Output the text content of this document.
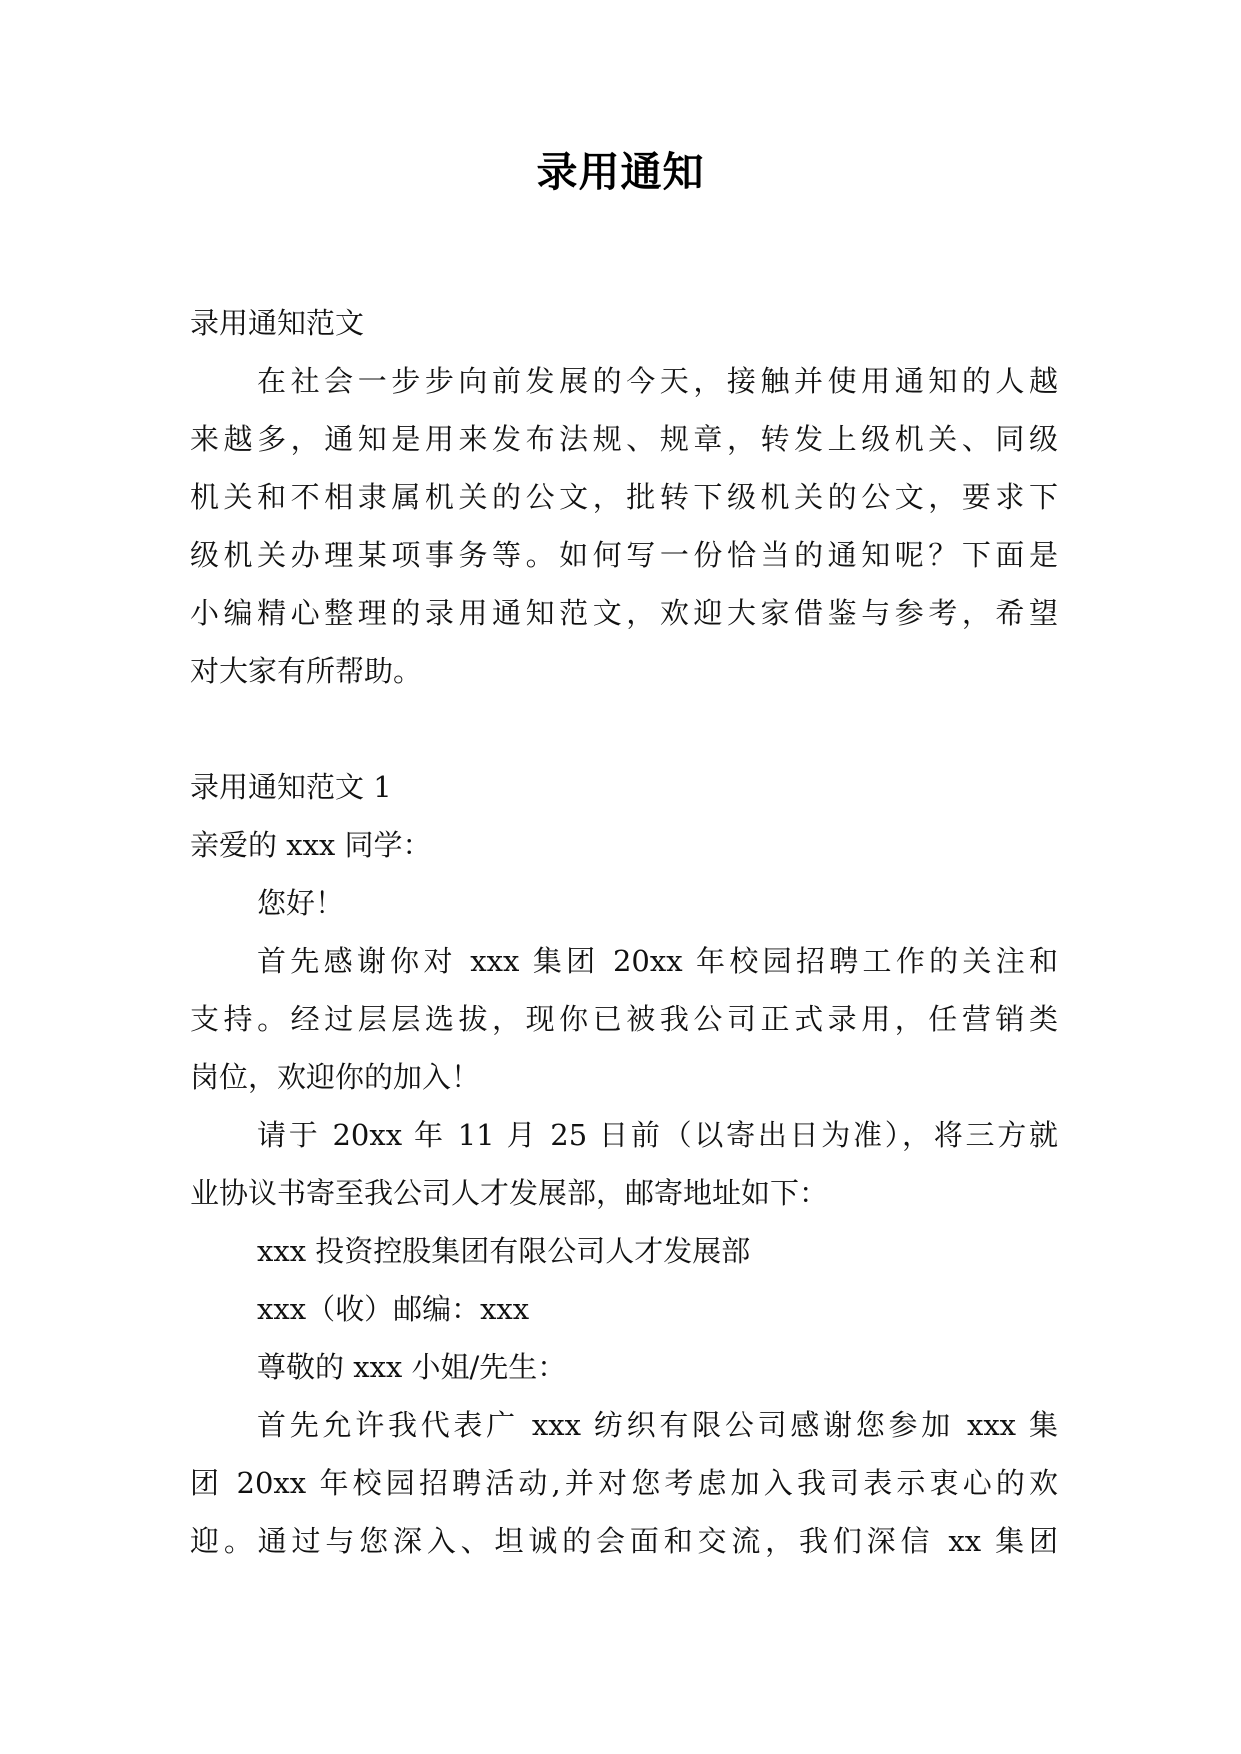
录用通知
录用通知范文
在社会一步步向前发展的今天，接触并使用通知的人越
来越多，通知是用来发布法规、规章，转发上级机关、同级
机关和不相隶属机关的公文，批转下级机关的公文，要求下
级机关办理某项事务等。如何写一份恰当的通知呢？下面是
小编精心整理的录用通知范文，欢迎大家借鉴与参考，希望
对大家有所帮助。
录用通知范文 1
亲爱的 xxx 同学：
您好！
首先感谢你对 xxx 集团 20xx 年校园招聘工作的关注和
支持。经过层层选拔，现你已被我公司正式录用，任营销类
岗位，欢迎你的加入！
请于 20xx 年 11 月 25 日前（以寄出日为准），将三方就
业协议书寄至我公司人才发展部，邮寄地址如下：
xxx 投资控股集团有限公司人才发展部
xxx（收）邮编：xxx
尊敬的 xxx 小姐/先生：
首先允许我代表广 xxx 纺织有限公司感谢您参加 xxx 集
团 20xx 年校园招聘活动,并对您考虑加入我司表示衷心的欢
迎。通过与您深入、坦诚的会面和交流，我们深信 xx 集团
